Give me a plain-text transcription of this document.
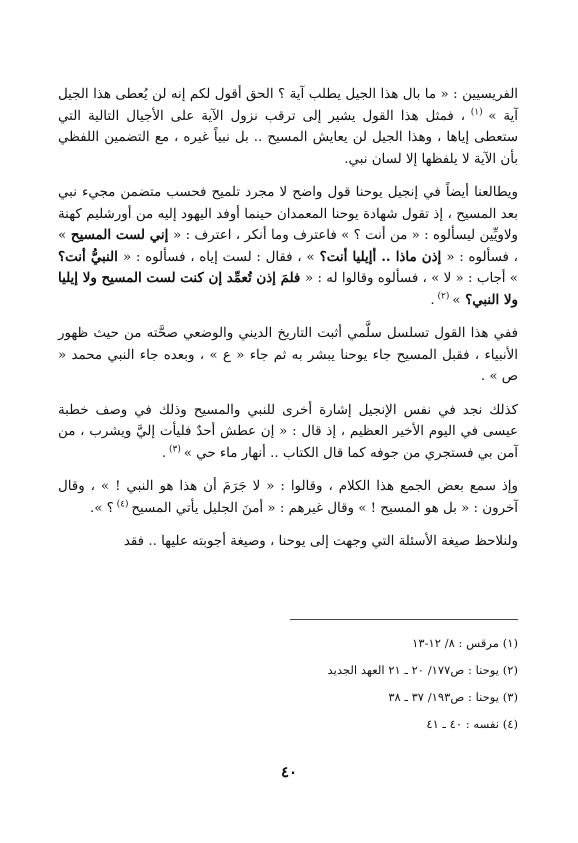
الفريسيين : « ما بال هذا الجيل يطلب آية ؟ الحق أقول لكم إنه لن يُعطى هذا الجيل آية » $^{(١)}$ ، فمثل هذا القول يشير إلى ترقب نزول الآية على الأجيال التالية التي ستعطى إياها ، وهذا الجيل لن يعايش المسيح .. بل نبياً غيره ، مع التضمين اللفظي بأن الآية لا يلفظها إلا لسان نبي.

ويطالعنا أيضاً في إنجيل يوحنا قول واضح لا مجرد تلميح فحسب متضمن مجيء نبي بعد المسيح ، إذ تقول شهادة يوحنا المعمدان حينما أوفد اليهود إليه من أورشليم كهنة ولاويِّين ليسألوه : « من أنت ؟ » فاعترف وما أنكر ، اعترف : « إني لست المسيح » ، فسألوه : « إذن ماذا .. أإيليا أنت؟ » ، فقال : لست إياه ، فسألوه : « النبيُّ أنت؟ » أجاب : « لا » ، فسألوه وقالوا له : « فلمَ إذن تُعمِّد إن كنت لست المسيح ولا إيليا ولا النبي؟ » $^{(٢)}$ .

ففي هذا القول تسلسل سلَّمي أثبت التاريخ الديني والوضعي صحَّته من حيث ظهور الأنبياء ، فقبل المسيح جاء يوحنا يبشر به ثم جاء « ع » ، وبعده جاء النبي محمد « ص » .

كذلك نجد في نفس الإنجيل إشارة أخرى للنبي والمسيح وذلك في وصف خطبة عيسى في اليوم الأخير العظيم ، إذ قال : « إن عطش أحدٌ فليأت إليَّ ويشرب ، من آمن بي فستجري من جوفه كما قال الكتاب .. أنهار ماء حي » $^{(٣)}$ .

وإذ سمع بعض الجمع هذا الكلام ، وقالوا : « لا جَرَمَ أن هذا هو النبي ! » ، وقال آخرون : « بل هو المسيح ! » وقال غيرهم : « أمنَ الجليل يأتي المسيح $^{(٤)}$ ؟ ».

ولنلاحظ صيغة الأسئلة التي وجهت إلى يوحنا ، وصيغة أجوبته عليها .. فقد

(١) مرقس : ٨/ ١٢-١٣
(٢) يوحنا : ص١٧٧/ ٢٠ ـ ٢١ العهد الجديد
(٣) يوحنا : ص١٩٣/ ٣٧ ـ ٣٨
(٤) نفسه : ٤٠ ـ ٤١
٤٠
